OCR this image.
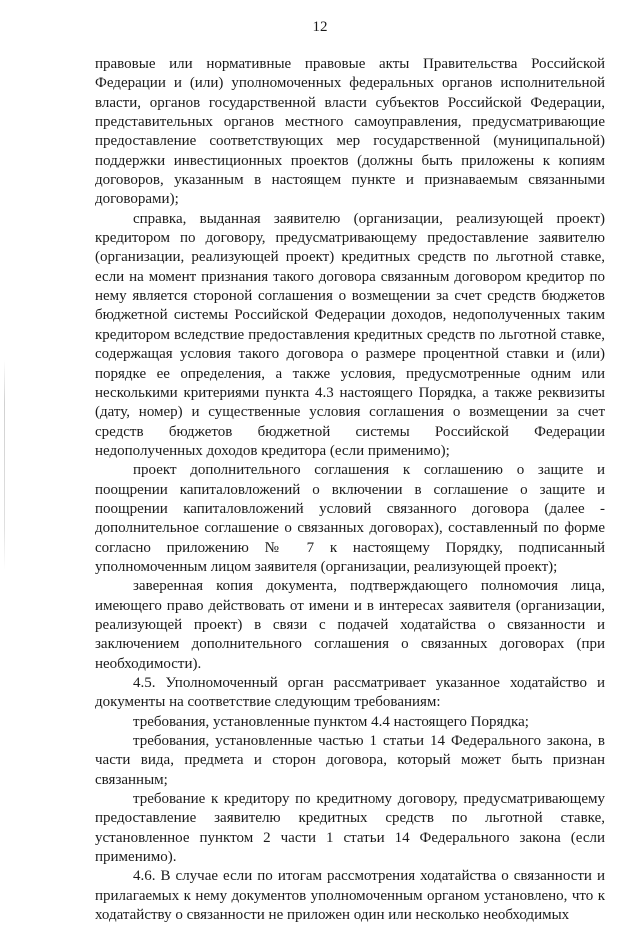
12

правовые или нормативные правовые акты Правительства Российской Федерации и (или) уполномоченных федеральных органов исполнительной власти, органов государственной власти субъектов Российской Федерации, представительных органов местного самоуправления, предусматривающие предоставление соответствующих мер государственной (муниципальной) поддержки инвестиционных проектов (должны быть приложены к копиям договоров, указанным в настоящем пункте и признаваемым связанными договорами);

справка, выданная заявителю (организации, реализующей проект) кредитором по договору, предусматривающему предоставление заявителю (организации, реализующей проект) кредитных средств по льготной ставке, если на момент признания такого договора связанным договором кредитор по нему является стороной соглашения о возмещении за счет средств бюджетов бюджетной системы Российской Федерации доходов, недополученных таким кредитором вследствие предоставления кредитных средств по льготной ставке, содержащая условия такого договора о размере процентной ставки и (или) порядке ее определения, а также условия, предусмотренные одним или несколькими критериями пункта 4.3 настоящего Порядка, а также реквизиты (дату, номер) и существенные условия соглашения о возмещении за счет средств бюджетов бюджетной системы Российской Федерации недополученных доходов кредитора (если применимо);

проект дополнительного соглашения к соглашению о защите и поощрении капиталовложений о включении в соглашение о защите и поощрении капиталовложений условий связанного договора (далее - дополнительное соглашение о связанных договорах), составленный по форме согласно приложению № 7 к настоящему Порядку, подписанный уполномоченным лицом заявителя (организации, реализующей проект);

заверенная копия документа, подтверждающего полномочия лица, имеющего право действовать от имени и в интересах заявителя (организации, реализующей проект) в связи с подачей ходатайства о связанности и заключением дополнительного соглашения о связанных договорах (при необходимости).

4.5. Уполномоченный орган рассматривает указанное ходатайство и документы на соответствие следующим требованиям:

требования, установленные пунктом 4.4 настоящего Порядка;

требования, установленные частью 1 статьи 14 Федерального закона, в части вида, предмета и сторон договора, который может быть признан связанным;

требование к кредитору по кредитному договору, предусматривающему предоставление заявителю кредитных средств по льготной ставке, установленное пунктом 2 части 1 статьи 14 Федерального закона (если применимо).

4.6. В случае если по итогам рассмотрения ходатайства о связанности и прилагаемых к нему документов уполномоченным органом установлено, что к ходатайству о связанности не приложен один или несколько необходимых
